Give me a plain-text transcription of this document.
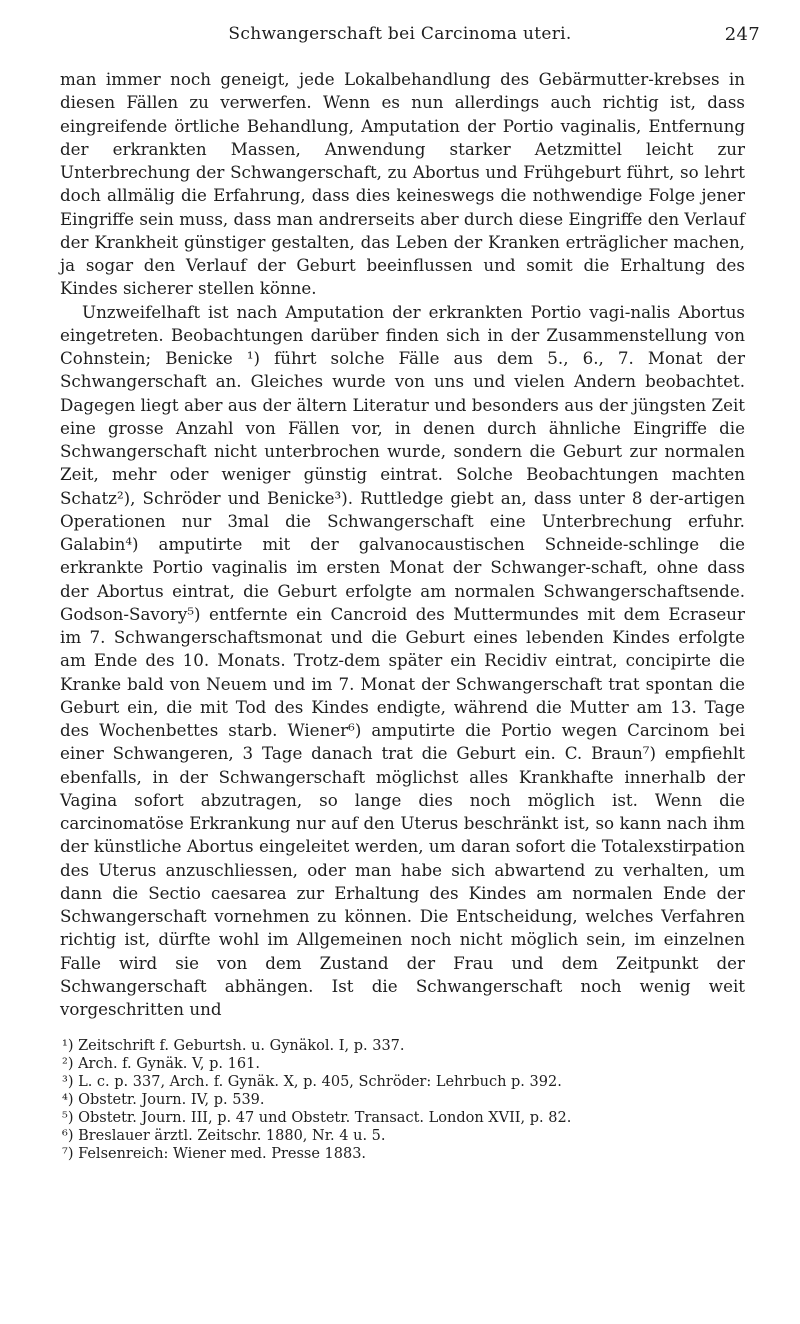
Schwangerschaft bei Carcinoma uteri.	247

man immer noch geneigt, jede Lokalbehandlung des Gebärmutter-krebses in diesen Fällen zu verwerfen. Wenn es nun allerdings auch richtig ist, dass eingreifende örtliche Behandlung, Amputation der Portio vaginalis, Entfernung der erkrankten Massen, Anwendung starker Aetzmittel leicht zur Unterbrechung der Schwangerschaft, zu Abortus und Frühgeburt führt, so lehrt doch allmälig die Erfahrung, dass dies keineswegs die nothwendige Folge jener Eingriffe sein muss, dass man andrerseits aber durch diese Eingriffe den Verlauf der Krankheit günstiger gestalten, das Leben der Kranken erträglicher machen, ja sogar den Verlauf der Geburt beeinflussen und somit die Erhaltung des Kindes sicherer stellen könne.

Unzweifelhaft ist nach Amputation der erkrankten Portio vagi-nalis Abortus eingetreten. Beobachtungen darüber finden sich in der Zusammenstellung von Cohnstein; Benicke ¹) führt solche Fälle aus dem 5., 6., 7. Monat der Schwangerschaft an. Gleiches wurde von uns und vielen Andern beobachtet. Dagegen liegt aber aus der ältern Literatur und besonders aus der jüngsten Zeit eine grosse Anzahl von Fällen vor, in denen durch ähnliche Eingriffe die Schwangerschaft nicht unterbrochen wurde, sondern die Geburt zur normalen Zeit, mehr oder weniger günstig eintrat. Solche Beobachtungen machten Schatz²), Schröder und Benicke³). Ruttledge giebt an, dass unter 8 der-artigen Operationen nur 3mal die Schwangerschaft eine Unterbrechung erfuhr. Galabin⁴) amputirte mit der galvanocaustischen Schneide-schlinge die erkrankte Portio vaginalis im ersten Monat der Schwanger-schaft, ohne dass der Abortus eintrat, die Geburt erfolgte am normalen Schwangerschaftsende. Godson-Savory⁵) entfernte ein Cancroid des Muttermundes mit dem Ecraseur im 7. Schwangerschaftsmonat und die Geburt eines lebenden Kindes erfolgte am Ende des 10. Monats. Trotz-dem später ein Recidiv eintrat, concipirte die Kranke bald von Neuem und im 7. Monat der Schwangerschaft trat spontan die Geburt ein, die mit Tod des Kindes endigte, während die Mutter am 13. Tage des Wochenbettes starb. Wiener⁶) amputirte die Portio wegen Carcinom bei einer Schwangeren, 3 Tage danach trat die Geburt ein. C. Braun⁷) empfiehlt ebenfalls, in der Schwangerschaft möglichst alles Krankhafte innerhalb der Vagina sofort abzutragen, so lange dies noch möglich ist. Wenn die carcinomatöse Erkrankung nur auf den Uterus beschränkt ist, so kann nach ihm der künstliche Abortus eingeleitet werden, um daran sofort die Totalexstirpation des Uterus anzuschliessen, oder man habe sich abwartend zu verhalten, um dann die Sectio caesarea zur Erhaltung des Kindes am normalen Ende der Schwangerschaft vornehmen zu können. Die Entscheidung, welches Verfahren richtig ist, dürfte wohl im Allgemeinen noch nicht möglich sein, im einzelnen Falle wird sie von dem Zustand der Frau und dem Zeitpunkt der Schwangerschaft abhängen. Ist die Schwangerschaft noch wenig weit vorgeschritten und

¹) Zeitschrift f. Geburtsh. u. Gynäkol. I, p. 337.
²) Arch. f. Gynäk. V, p. 161.
³) L. c. p. 337, Arch. f. Gynäk. X, p. 405, Schröder: Lehrbuch p. 392.
⁴) Obstetr. Journ. IV, p. 539.
⁵) Obstetr. Journ. III, p. 47 und Obstetr. Transact. London XVII, p. 82.
⁶) Breslauer ärztl. Zeitschr. 1880, Nr. 4 u. 5.
⁷) Felsenreich: Wiener med. Presse 1883.
